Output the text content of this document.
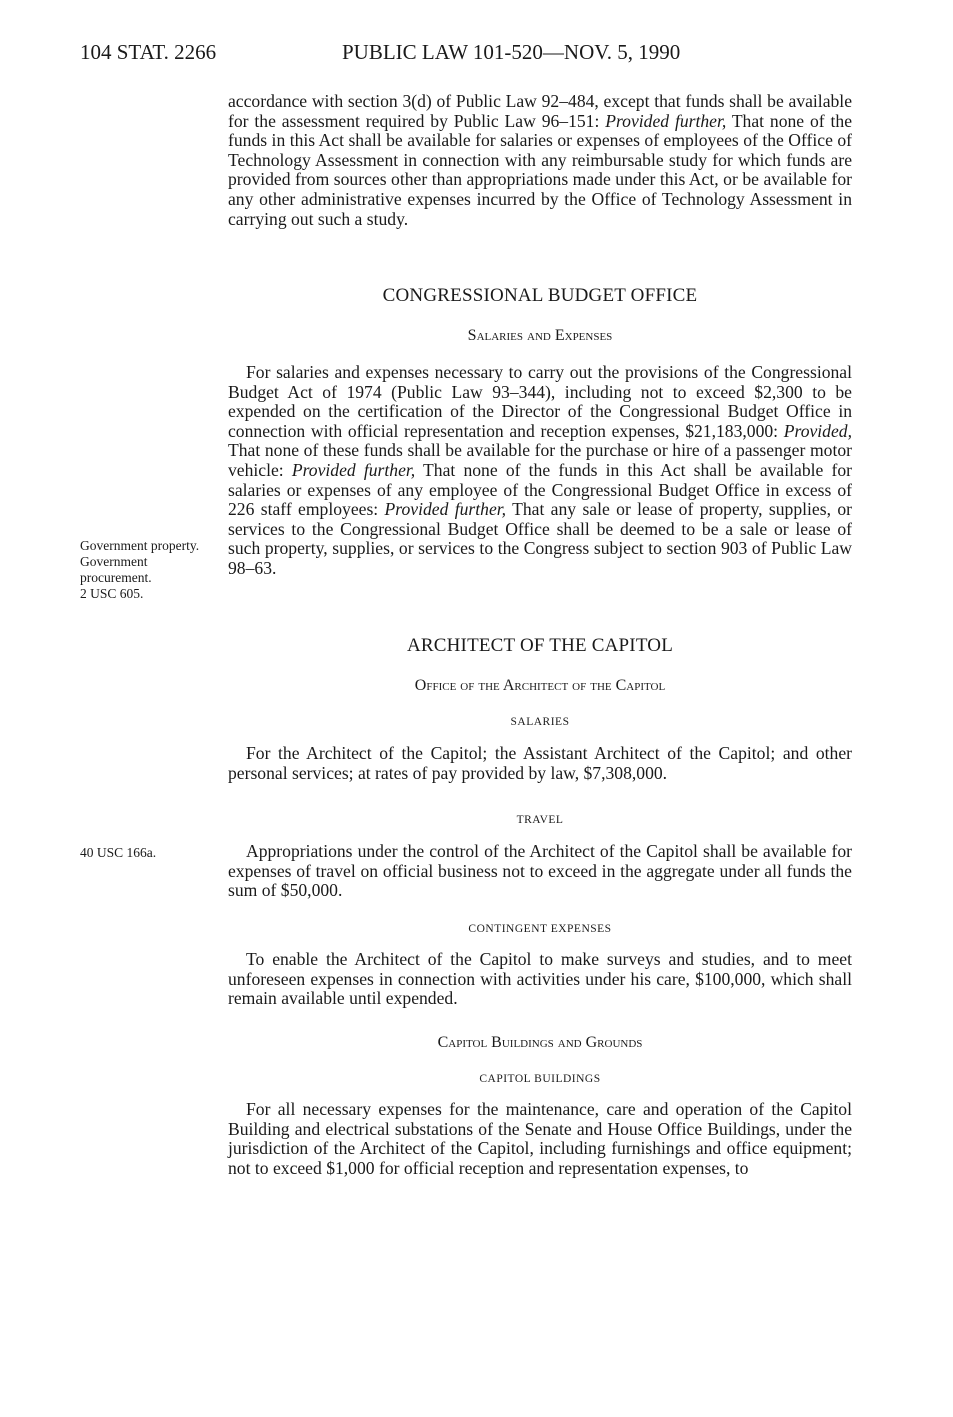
104 STAT. 2266	PUBLIC LAW 101-520—NOV. 5, 1990

accordance with section 3(d) of Public Law 92–484, except that funds shall be available for the assessment required by Public Law 96–151: Provided further, That none of the funds in this Act shall be available for salaries or expenses of employees of the Office of Technology Assessment in connection with any reimbursable study for which funds are provided from sources other than appropriations made under this Act, or be available for any other administrative expenses incurred by the Office of Technology Assessment in carrying out such a study.

CONGRESSIONAL BUDGET OFFICE

Salaries and Expenses

For salaries and expenses necessary to carry out the provisions of the Congressional Budget Act of 1974 (Public Law 93–344), including not to exceed $2,300 to be expended on the certification of the Director of the Congressional Budget Office in connection with official representation and reception expenses, $21,183,000: Provided, That none of these funds shall be available for the purchase or hire of a passenger motor vehicle: Provided further, That none of the funds in this Act shall be available for salaries or expenses of any employee of the Congressional Budget Office in excess of 226 staff employees: Provided further, That any sale or lease of property, supplies, or services to the Congressional Budget Office shall be deemed to be a sale or lease of such property, supplies, or services to the Congress subject to section 903 of Public Law 98–63.

Government property.
Government procurement.
2 USC 605.

ARCHITECT OF THE CAPITOL

Office of the Architect of the Capitol

SALARIES

For the Architect of the Capitol; the Assistant Architect of the Capitol; and other personal services; at rates of pay provided by law, $7,308,000.

TRAVEL

40 USC 166a.	Appropriations under the control of the Architect of the Capitol shall be available for expenses of travel on official business not to exceed in the aggregate under all funds the sum of $50,000.

CONTINGENT EXPENSES

To enable the Architect of the Capitol to make surveys and studies, and to meet unforeseen expenses in connection with activities under his care, $100,000, which shall remain available until expended.

Capitol Buildings and Grounds

CAPITOL BUILDINGS

For all necessary expenses for the maintenance, care and operation of the Capitol Building and electrical substations of the Senate and House Office Buildings, under the jurisdiction of the Architect of the Capitol, including furnishings and office equipment; not to exceed $1,000 for official reception and representation expenses, to
